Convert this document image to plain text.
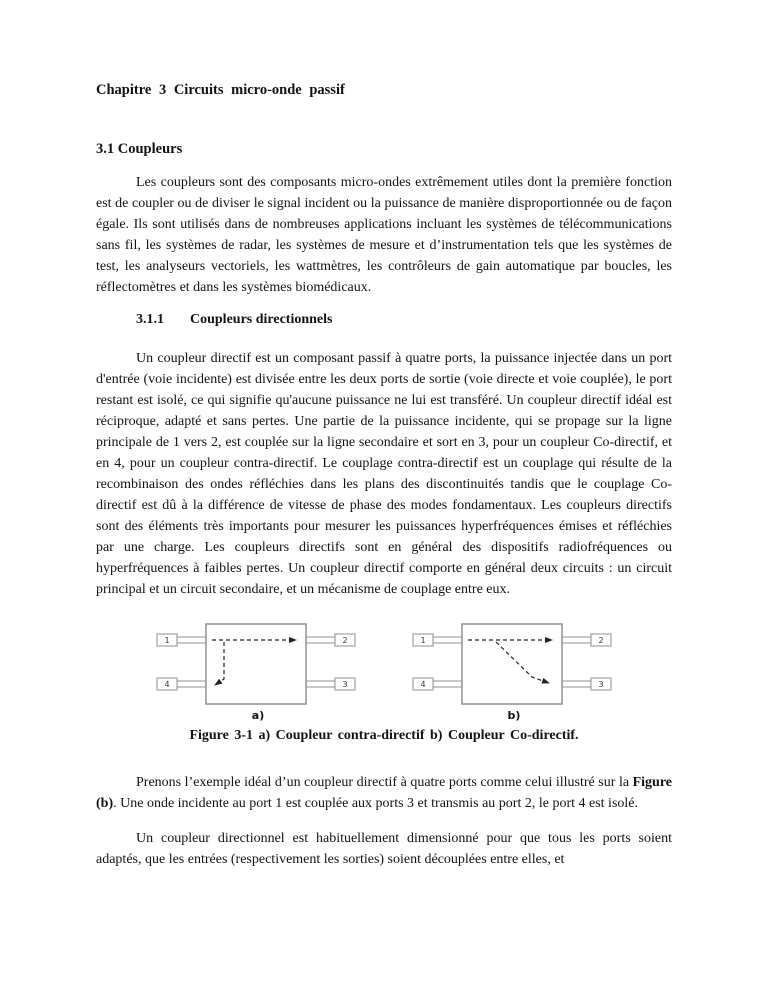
Chapitre 3 Circuits micro-onde passif
3.1 Coupleurs

Les coupleurs sont des composants micro-ondes extrêmement utiles dont la première fonction est de coupler ou de diviser le signal incident ou la puissance de manière disproportionnée ou de façon égale. Ils sont utilisés dans de nombreuses applications incluant les systèmes de télécommunications sans fil, les systèmes de radar, les systèmes de mesure et d’instrumentation tels que les systèmes de test, les analyseurs vectoriels, les wattmètres, les contrôleurs de gain automatique par boucles, les réflectomètres et dans les systèmes biomédicaux.

3.1.1 Coupleurs directionnels

Un coupleur directif est un composant passif à quatre ports, la puissance injectée dans un port d'entrée (voie incidente) est divisée entre les deux ports de sortie (voie directe et voie couplée), le port restant est isolé, ce qui signifie qu'aucune puissance ne lui est transféré. Un coupleur directif idéal est réciproque, adapté et sans pertes. Une partie de la puissance incidente, qui se propage sur la ligne principale de 1 vers 2, est couplée sur la ligne secondaire et sort en 3, pour un coupleur Co-directif, et en 4, pour un coupleur contra-directif. Le couplage contra-directif est un couplage qui résulte de la recombinaison des ondes réfléchies dans les plans des discontinuités tandis que le couplage Co-directif est dû à la différence de vitesse de phase des modes fondamentaux. Les coupleurs directifs sont des éléments très importants pour mesurer les puissances hyperfréquences émises et réfléchies par une charge. Les coupleurs directifs sont en général des dispositifs radiofréquences ou hyperfréquences à faibles pertes. Un coupleur directif comporte en général deux circuits : un circuit principal et un circuit secondaire, et un mécanisme de couplage entre eux.

1
4
2
3
a)
1
4
2
3
b)
Figure 3-1 a) Coupleur contra-directif b) Coupleur Co-directif.

Prenons l’exemple idéal d’un coupleur directif à quatre ports comme celui illustré sur la Figure (b). Une onde incidente au port 1 est couplée aux ports 3 et transmis au port 2, le port 4 est isolé.

Un coupleur directionnel est habituellement dimensionné pour que tous les ports soient adaptés, que les entrées (respectivement les sorties) soient découplées entre elles, et
